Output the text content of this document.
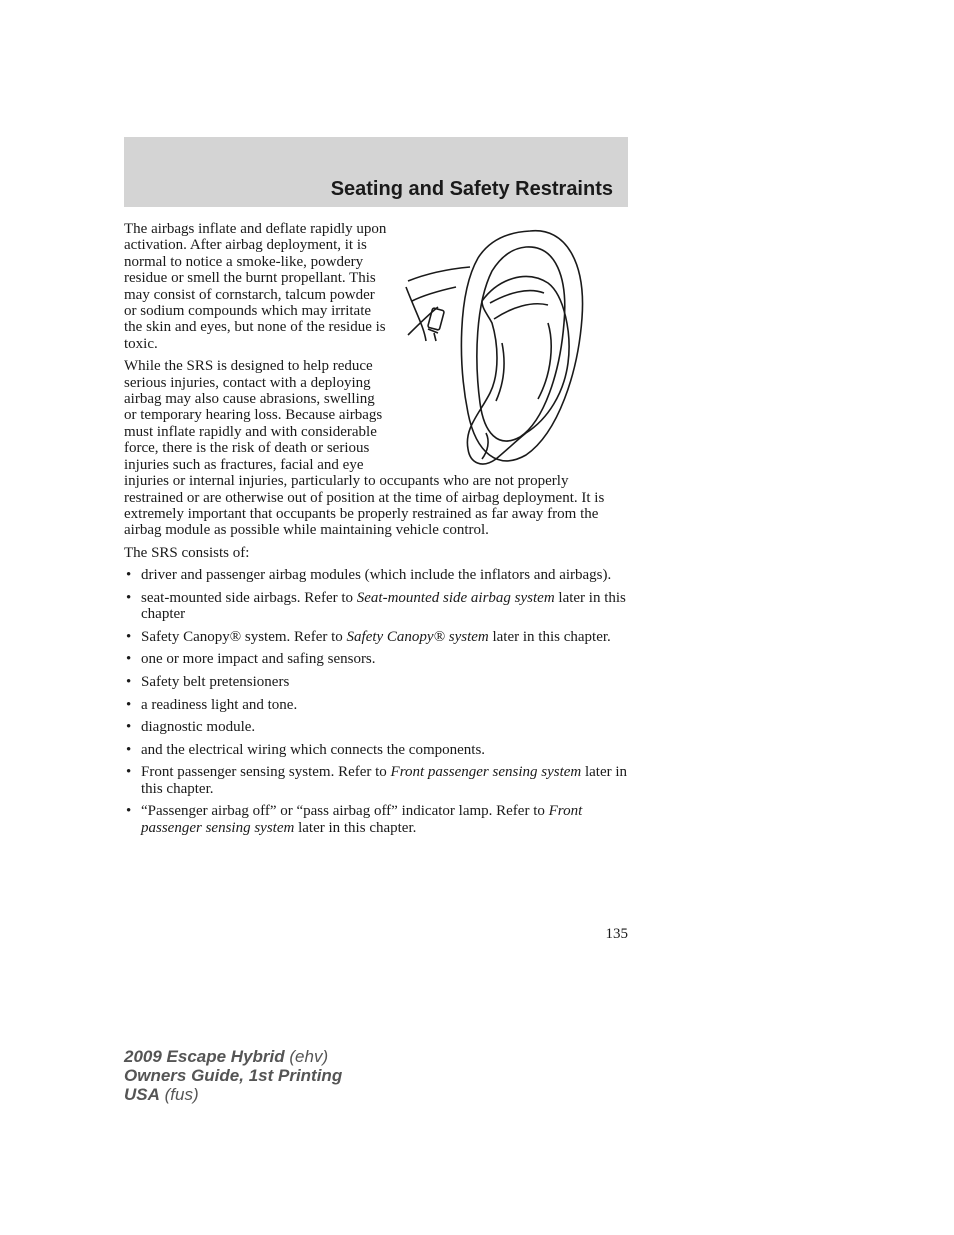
Seating and Safety Restraints

The airbags inflate and deflate rapidly upon activation. After airbag deployment, it is normal to notice a smoke-like, powdery residue or smell the burnt propellant. This may consist of cornstarch, talcum powder or sodium compounds which may irritate the skin and eyes, but none of the residue is toxic.

While the SRS is designed to help reduce serious injuries, contact with a deploying airbag may also cause abrasions, swelling or temporary hearing loss. Because airbags must inflate rapidly and with considerable force, there is the risk of death or serious injuries such as fractures, facial and eye injuries or internal injuries, particularly to occupants who are not properly restrained or are otherwise out of position at the time of airbag deployment. It is extremely important that occupants be properly restrained as far away from the airbag module as possible while maintaining vehicle control.

The SRS consists of:

• driver and passenger airbag modules (which include the inflators and airbags).
• seat-mounted side airbags. Refer to Seat-mounted side airbag system later in this chapter
• Safety Canopy® system. Refer to Safety Canopy® system later in this chapter.
• one or more impact and safing sensors.
• Safety belt pretensioners
• a readiness light and tone.
• diagnostic module.
• and the electrical wiring which connects the components.
• Front passenger sensing system. Refer to Front passenger sensing system later in this chapter.
• “Passenger airbag off” or “pass airbag off” indicator lamp. Refer to Front passenger sensing system later in this chapter.
135
2009 Escape Hybrid (ehv)
Owners Guide, 1st Printing
USA (fus)
